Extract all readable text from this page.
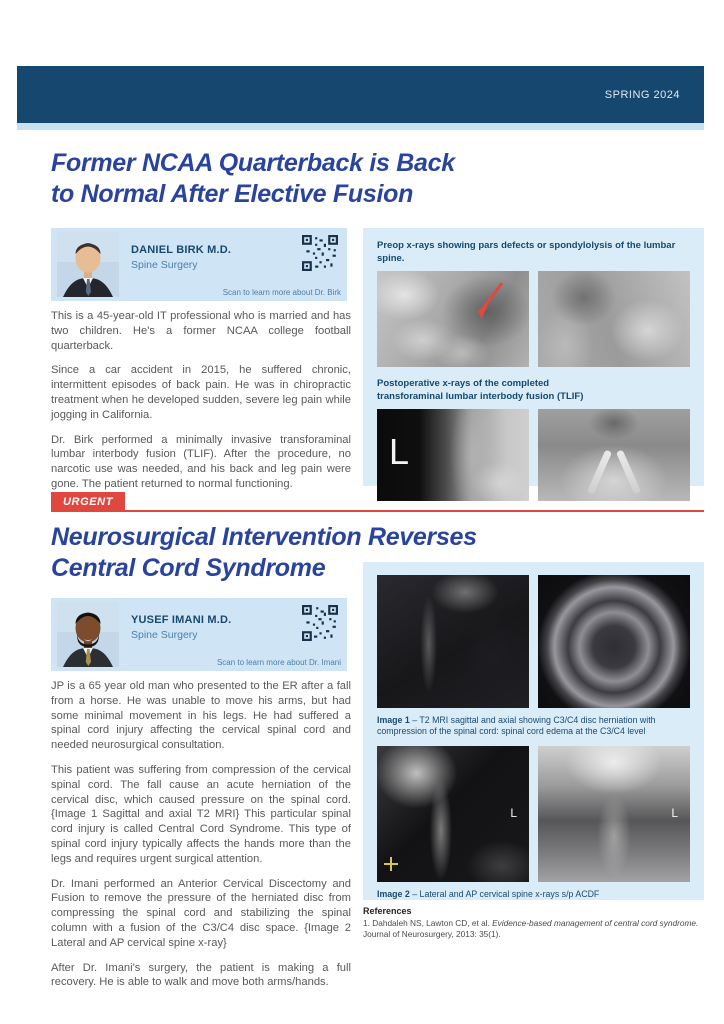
SPRING 2024
Former NCAA Quarterback is Back
to Normal After Elective Fusion
DANIEL BIRK M.D.
Spine Surgery
Scan to learn more about Dr. Birk

This is a 45-year-old IT professional who is married and has two children. He's a former NCAA college football quarterback.

Since a car accident in 2015, he suffered chronic, intermittent episodes of back pain. He was in chiropractic treatment when he developed sudden, severe leg pain while jogging in California.

Dr. Birk performed a minimally invasive transforaminal lumbar interbody fusion (TLIF). After the procedure, no narcotic use was needed, and his back and leg pain were gone. The patient returned to normal functioning.

Preop x-rays showing pars defects or spondylolysis of the lumbar spine.
Postoperative x-rays of the completed
transforaminal lumbar interbody fusion (TLIF)
L
URGENT
Neurosurgical Intervention Reverses
Central Cord Syndrome
YUSEF IMANI M.D.
Spine Surgery
Scan to learn more about Dr. Imani

JP is a 65 year old man who presented to the ER after a fall from a horse. He was unable to move his arms, but had some minimal movement in his legs. He had suffered a spinal cord injury affecting the cervical spinal cord and needed neurosurgical consultation.

This patient was suffering from compression of the cervical spinal cord. The fall cause an acute herniation of the cervical disc, which caused pressure on the spinal cord. {Image 1 Sagittal and axial T2 MRI} This particular spinal cord injury is called Central Cord Syndrome. This type of spinal cord injury typically affects the hands more than the legs and requires urgent surgical attention.

Dr. Imani performed an Anterior Cervical Discectomy and Fusion to remove the pressure of the herniated disc from compressing the spinal cord and stabilizing the spinal column with a fusion of the C3/C4 disc space. {Image 2 Lateral and AP cervical spine x-ray}

After Dr. Imani's surgery, the patient is making a full recovery. He is able to walk and move both arms/hands.

Image 1 – T2 MRI sagittal and axial showing C3/C4 disc herniation with compression of the spinal cord: spinal cord edema at the C3/C4 level
L	L
Image 2 – Lateral and AP cervical spine x-rays s/p ACDF
References
1. Dahdaleh NS, Lawton CD, et al. Evidence-based management of central cord syndrome. Journal of Neurosurgery, 2013: 35(1).
